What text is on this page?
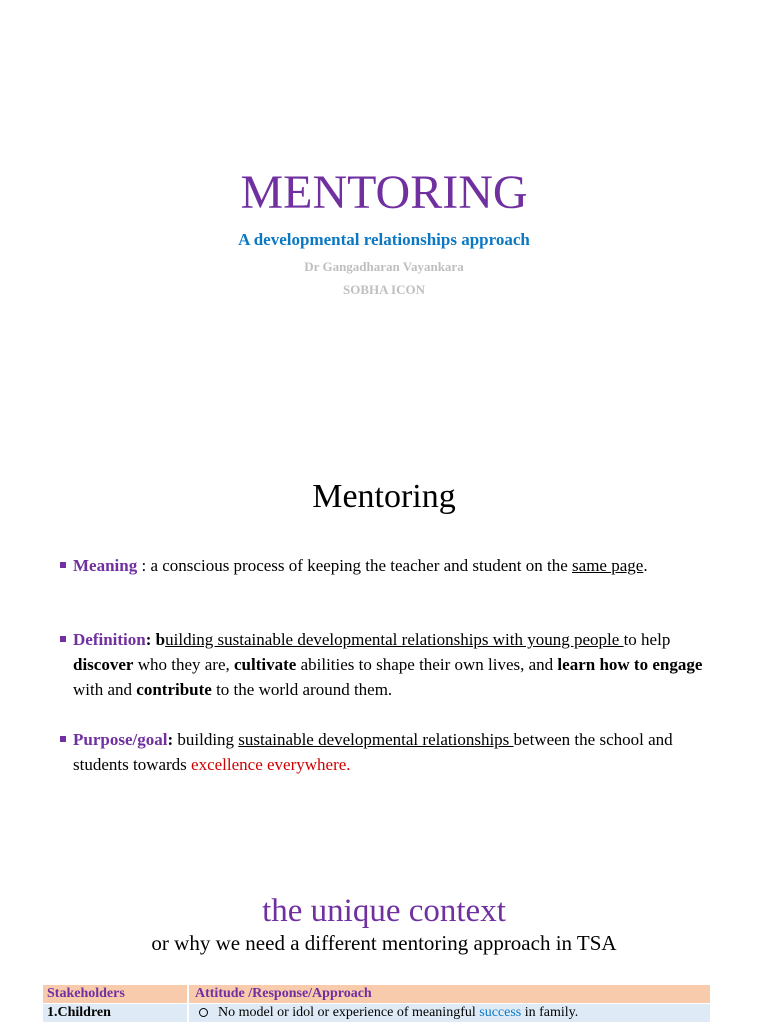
MENTORING
A developmental relationships approach
Dr Gangadharan Vayankara
SOBHA ICON
Mentoring
Meaning : a conscious process of keeping the teacher and student on the same page.
Definition: building sustainable developmental relationships with young people to help discover who they are, cultivate abilities to shape their own lives, and learn how to engage with and contribute to the world around them.
Purpose/goal: building sustainable developmental relationships between the school and students towards excellence everywhere.
the unique context
or why we need a different mentoring approach in TSA
Stakeholders	Attitude /Response/Approach
1.Children	No model or idol or experience of meaningful success in family.
